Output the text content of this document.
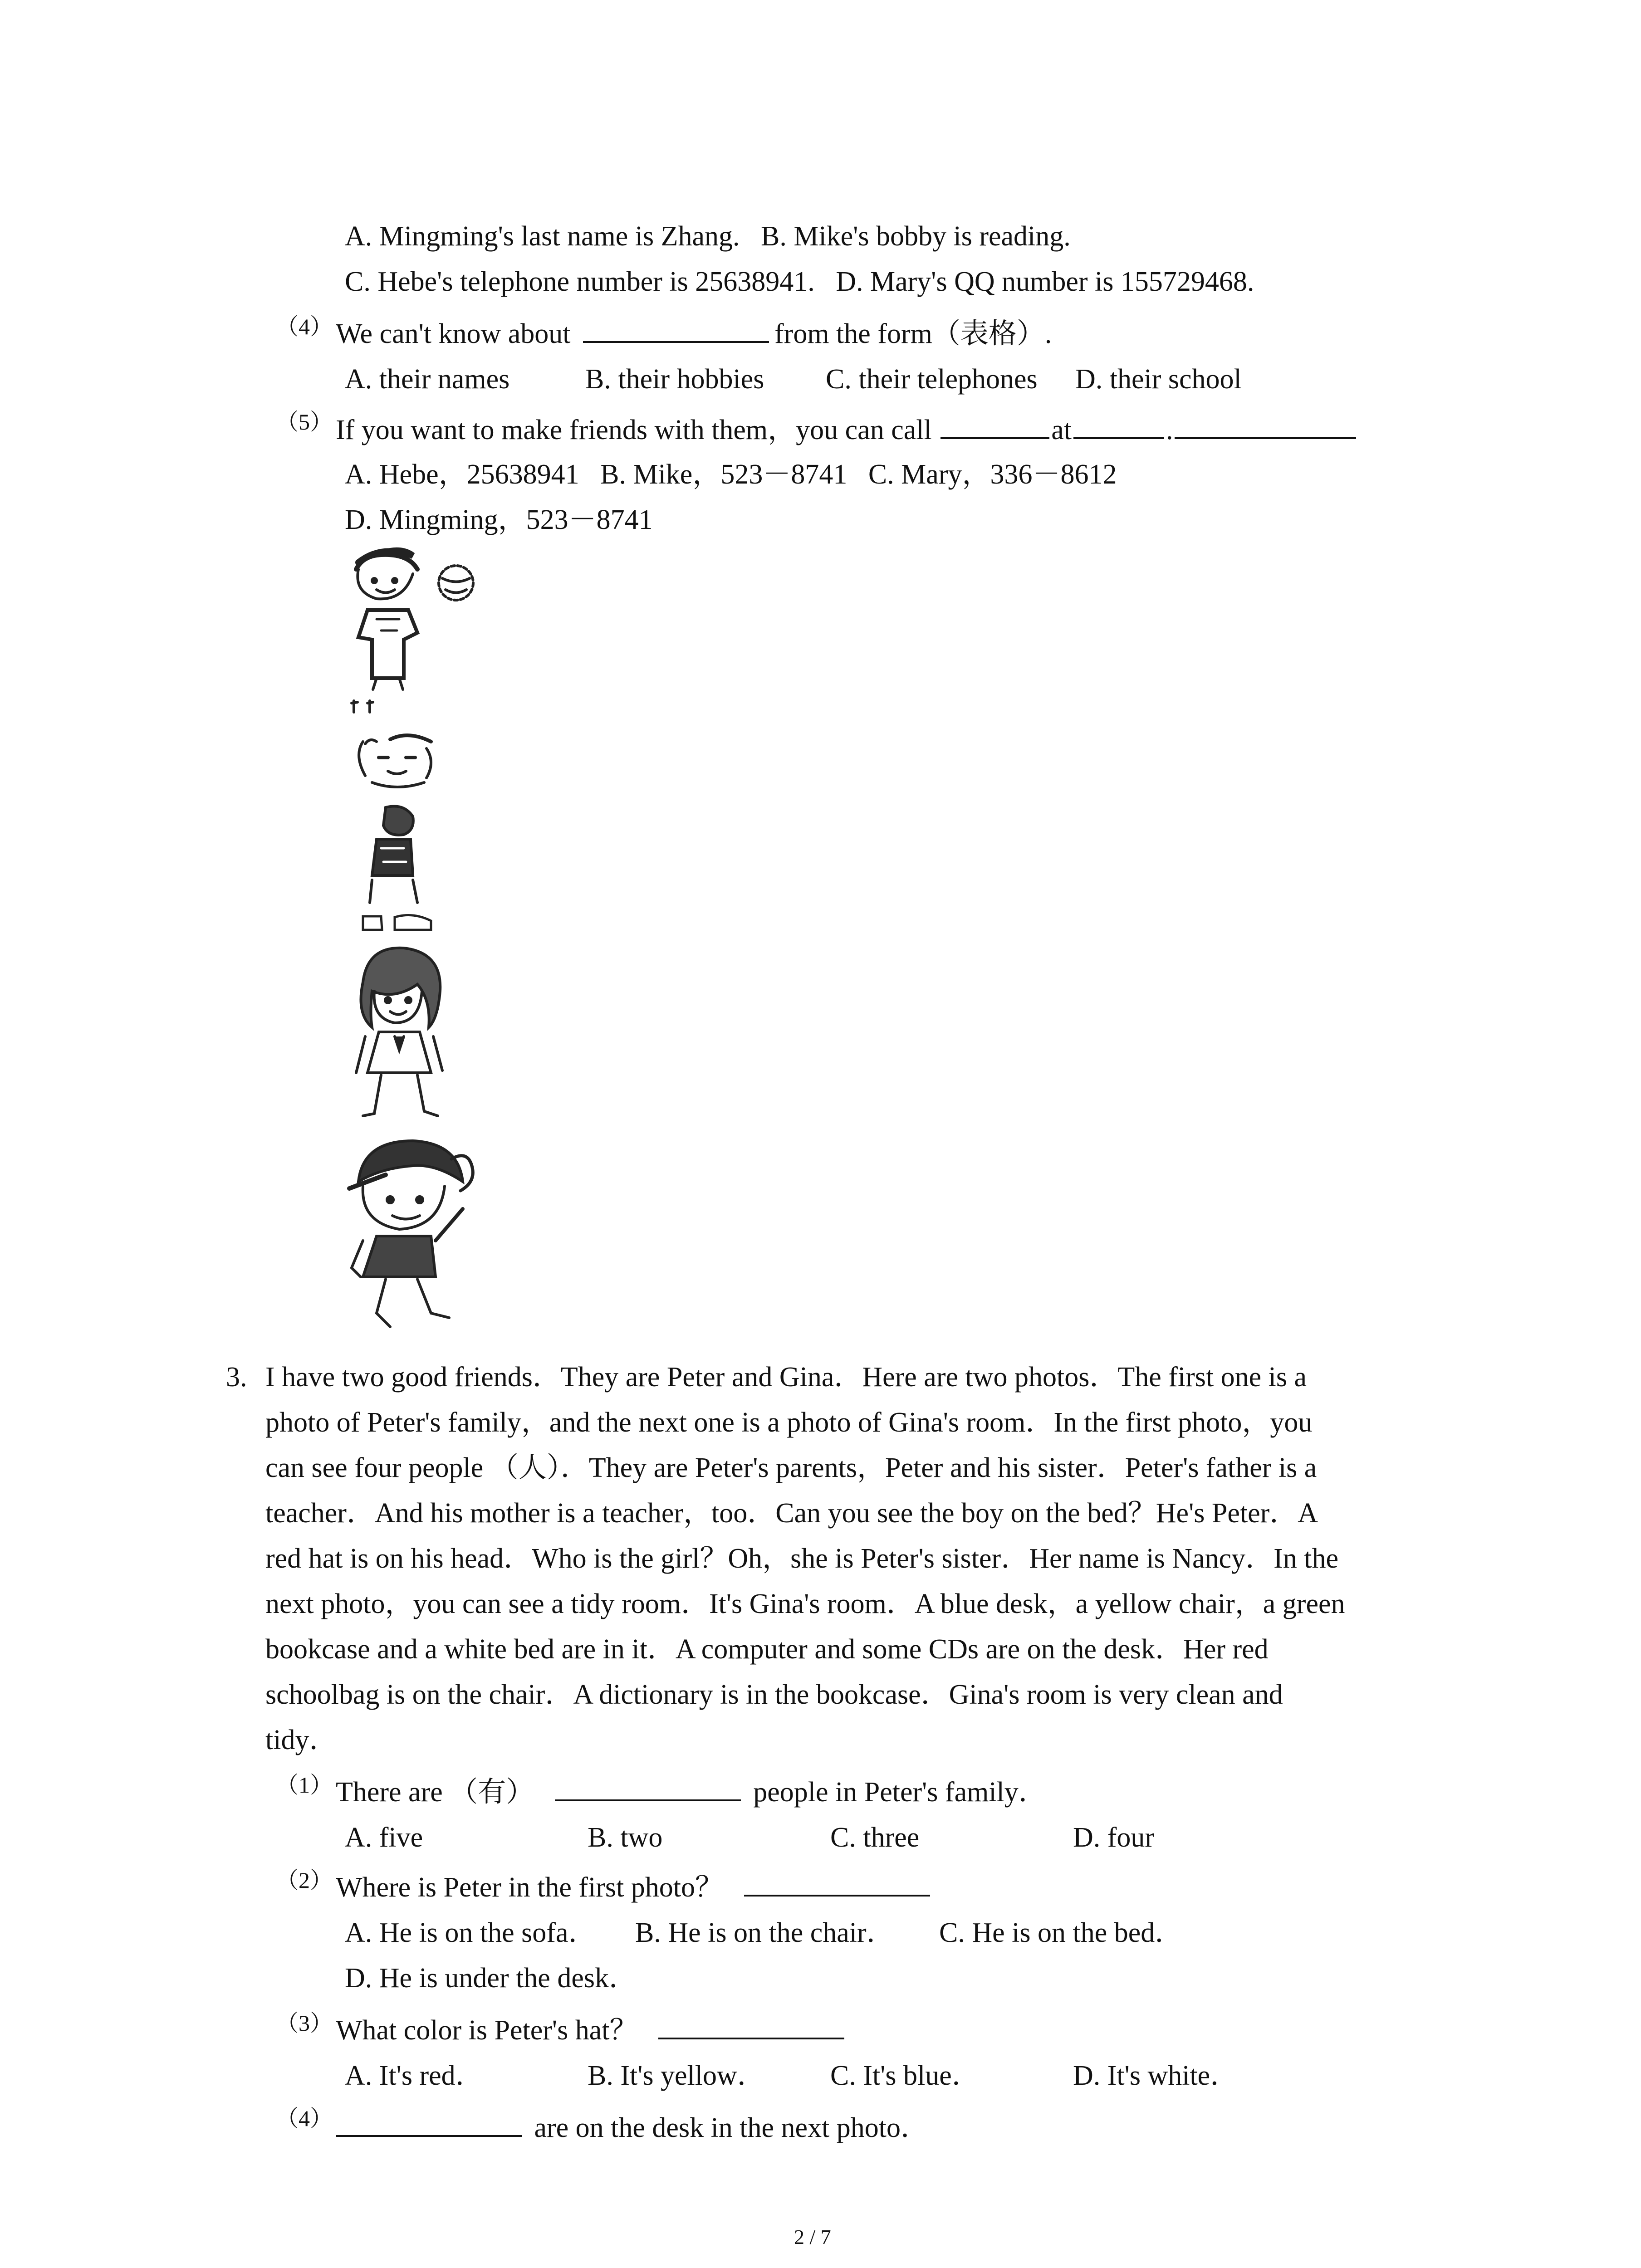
A. Mingming's last name is Zhang. B. Mike's bobby is reading.
C. Hebe's telephone number is 25638941. D. Mary's QQ number is 155729468.
（4） We can't know about	from the form（表格）.
A. their names	B. their hobbies C. their telephones D. their school
（5） If you want to make friends with them，you can call	at	.
A. Hebe，25638941 B. Mike，523－8741 C. Mary，336－8612
D. Mingming，523－8741
3. I have two good friends．They are Peter and Gina．Here are two photos．The first one is a
photo of Peter's family，and the next one is a photo of Gina's room．In the first photo，you
can see four people （人）．They are Peter's parents，Peter and his sister．Peter's father is a
teacher．And his mother is a teacher，too．Can you see the boy on the bed？He's Peter．A
red hat is on his head．Who is the girl？Oh，she is Peter's sister．Her name is Nancy．In the
next photo，you can see a tidy room．It's Gina's room．A blue desk，a yellow chair，a green
bookcase and a white bed are in it．A computer and some CDs are on the desk．Her red
schoolbag is on the chair．A dictionary is in the bookcase．Gina's room is very clean and
tidy．
（1） There are （有）	people in Peter's family．
A. five	B. two	C. three	D. four
（2） Where is Peter in the first photo？
A. He is on the sofa． B. He is on the chair． C. He is on the bed．
D. He is under the desk．
（3） What color is Peter's hat？
A. It's red．	B. It's yellow． C. It's blue．	D. It's white．
（4）	are on the desk in the next photo．
2 / 7
